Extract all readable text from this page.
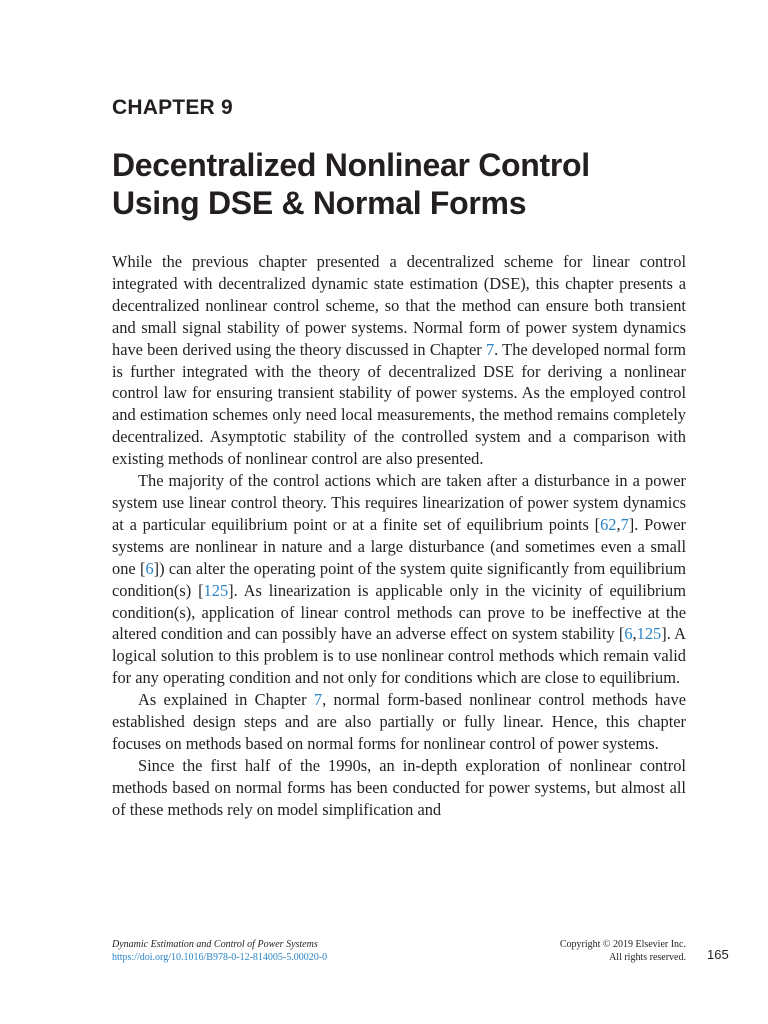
CHAPTER 9
Decentralized Nonlinear Control
Using DSE & Normal Forms

While the previous chapter presented a decentralized scheme for linear control integrated with decentralized dynamic state estimation (DSE), this chapter presents a decentralized nonlinear control scheme, so that the method can ensure both transient and small signal stability of power systems. Normal form of power system dynamics have been derived using the theory discussed in Chapter 7. The developed normal form is further integrated with the theory of decentralized DSE for deriving a nonlinear control law for ensuring transient stability of power systems. As the employed control and estimation schemes only need local measurements, the method remains completely decentralized. Asymptotic stability of the controlled system and a comparison with existing methods of nonlinear control are also presented.

The majority of the control actions which are taken after a disturbance in a power system use linear control theory. This requires linearization of power system dynamics at a particular equilibrium point or at a finite set of equilibrium points [62,7]. Power systems are nonlinear in nature and a large disturbance (and sometimes even a small one [6]) can alter the operating point of the system quite significantly from equilibrium condition(s) [125]. As linearization is applicable only in the vicinity of equilibrium condition(s), application of linear control methods can prove to be ineffective at the altered condition and can possibly have an adverse effect on system stability [6,125]. A logical solution to this problem is to use nonlinear control methods which remain valid for any operating condition and not only for conditions which are close to equilibrium.

As explained in Chapter 7, normal form-based nonlinear control methods have established design steps and are also partially or fully linear. Hence, this chapter focuses on methods based on normal forms for nonlinear control of power systems.

Since the first half of the 1990s, an in-depth exploration of nonlinear control methods based on normal forms has been conducted for power systems, but almost all of these methods rely on model simplification and

Dynamic Estimation and Control of Power Systems
https://doi.org/10.1016/B978-0-12-814005-5.00020-0
Copyright © 2019 Elsevier Inc.
All rights reserved. 165
